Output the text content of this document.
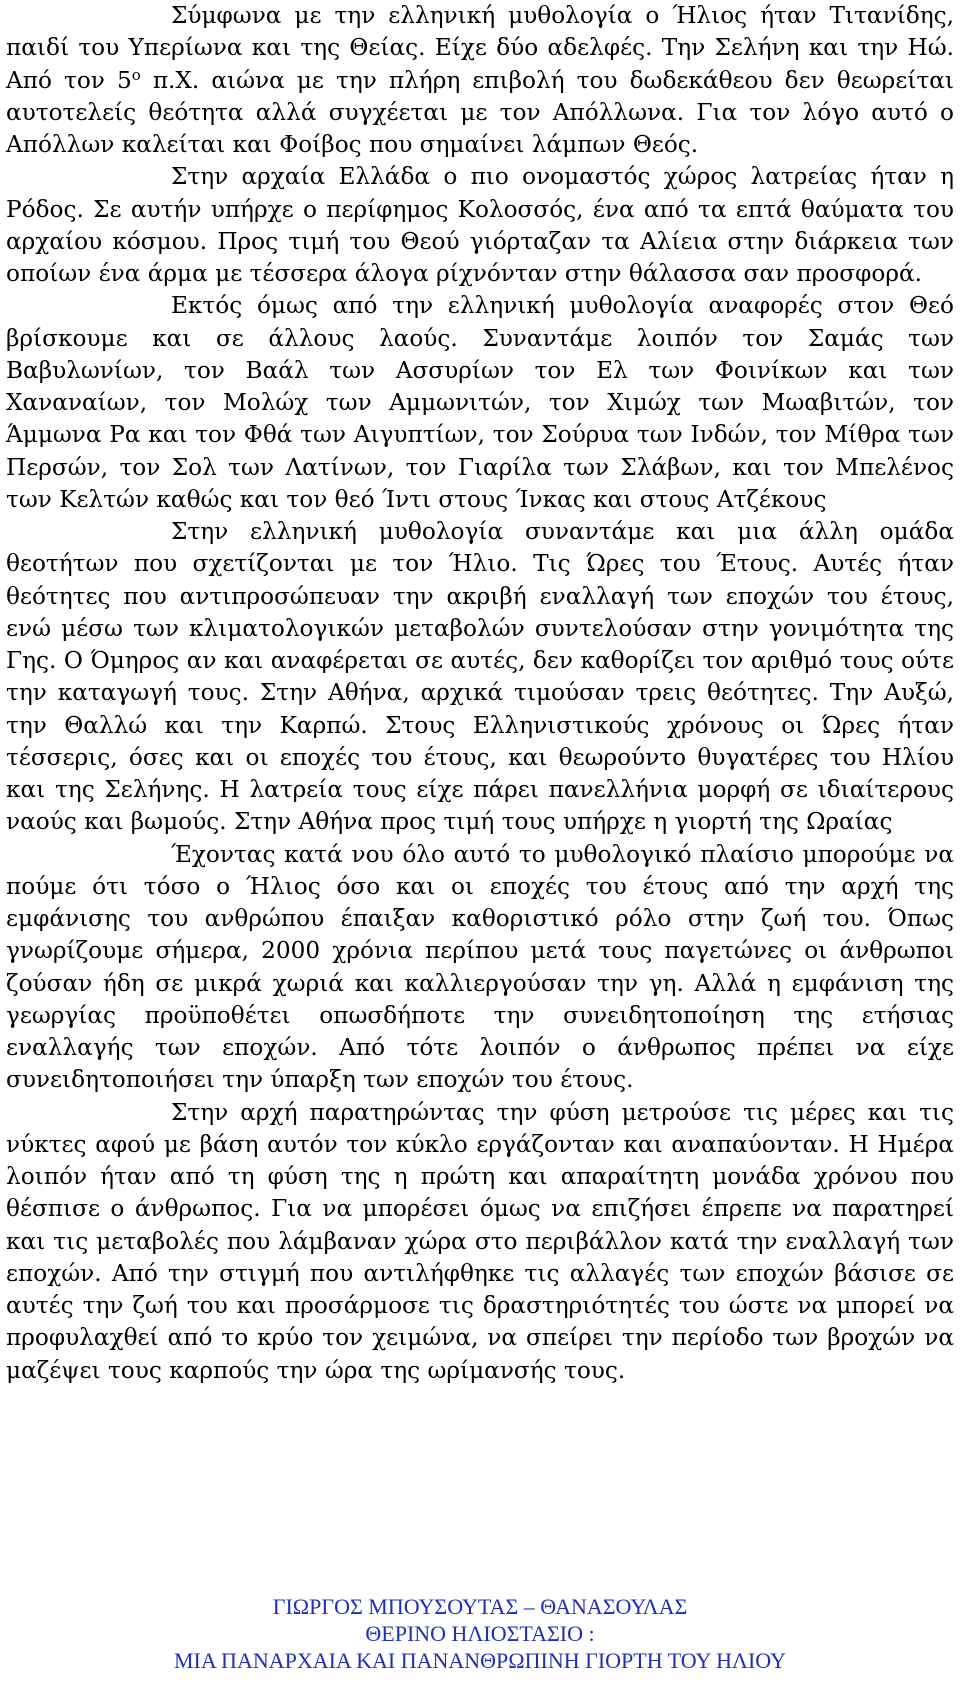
Σύμφωνα με την ελληνική μυθολογία ο Ήλιος ήταν Τιτανίδης, παιδί του Υπερίωνα και της Θείας. Είχε δύο αδελφές. Την Σελήνη και την Ηώ. Από τον $5^o$ π.Χ. αιώνα με την πλήρη επιβολή του δωδεκάθεου δεν θεωρείται αυτοτελείς θεότητα αλλά συγχέεται με τον Απόλλωνα. Για τον λόγο αυτό ο Απόλλων καλείται και Φοίβος που σημαίνει λάμπων Θεός.

Στην αρχαία Ελλάδα ο πιο ονομαστός χώρος λατρείας ήταν η Ρόδος. Σε αυτήν υπήρχε ο περίφημος Κολοσσός, ένα από τα επτά θαύματα του αρχαίου κόσμου. Προς τιμή του Θεού γιόρταζαν τα Αλίεια στην διάρκεια των οποίων ένα άρμα με τέσσερα άλογα ρίχνόνταν στην θάλασσα σαν προσφορά.

Εκτός όμως από την ελληνική μυθολογία αναφορές στον Θεό βρίσκουμε και σε άλλους λαούς. Συναντάμε λοιπόν τον Σαμάς των Βαβυλωνίων, τον Βαάλ των Ασσυρίων τον Ελ των Φοινίκων και των Χαναναίων, τον Μολώχ των Αμμωνιτών, τον Χιμώχ των Μωαβιτών, τον Άμμωνα Ρα και τον Φθά των Αιγυπτίων, τον Σούρυα των Ινδών, τον Μίθρα των Περσών, τον Σολ των Λατίνων, τον Γιαρίλα των Σλάβων, και τον Μπελένος των Κελτών καθώς και τον θεό Ίντι στους Ίνκας και στους Ατζέκους

Στην ελληνική μυθολογία συναντάμε και μια άλλη ομάδα θεοτήτων που σχετίζονται με τον Ήλιο. Τις Ώρες του Έτους. Αυτές ήταν θεότητες που αντιπροσώπευαν την ακριβή εναλλαγή των εποχών του έτους, ενώ μέσω των κλιματολογικών μεταβολών συντελούσαν στην γονιμότητα της Γης. Ο Όμηρος αν και αναφέρεται σε αυτές, δεν καθορίζει τον αριθμό τους ούτε την καταγωγή τους. Στην Αθήνα, αρχικά τιμούσαν τρεις θεότητες. Την Αυξώ, την Θαλλώ και την Καρπώ. Στους Ελληνιστικούς χρόνους οι Ώρες ήταν τέσσερις, όσες και οι εποχές του έτους, και θεωρούντο θυγατέρες του Ηλίου και της Σελήνης. Η λατρεία τους είχε πάρει πανελλήνια μορφή σε ιδιαίτερους ναούς και βωμούς. Στην Αθήνα προς τιμή τους υπήρχε η γιορτή της Ωραίας

Έχοντας κατά νου όλο αυτό το μυθολογικό πλαίσιο μπορούμε να πούμε ότι τόσο ο Ήλιος όσο και οι εποχές του έτους από την αρχή της εμφάνισης του ανθρώπου έπαιξαν καθοριστικό ρόλο στην ζωή του. Όπως γνωρίζουμε σήμερα, 2000 χρόνια περίπου μετά τους παγετώνες οι άνθρωποι ζούσαν ήδη σε μικρά χωριά και καλλιεργούσαν την γη. Αλλά η εμφάνιση της γεωργίας προϋποθέτει οπωσδήποτε την συνειδητοποίηση της ετήσιας εναλλαγής των εποχών. Από τότε λοιπόν ο άνθρωπος πρέπει να είχε συνειδητοποιήσει την ύπαρξη των εποχών του έτους.

Στην αρχή παρατηρώντας την φύση μετρούσε τις μέρες και τις νύκτες αφού με βάση αυτόν τον κύκλο εργάζονταν και αναπαύονταν. Η Ημέρα λοιπόν ήταν από τη φύση της η πρώτη και απαραίτητη μονάδα χρόνου που θέσπισε ο άνθρωπος. Για να μπορέσει όμως να επιζήσει έπρεπε να παρατηρεί και τις μεταβολές που λάμβαναν χώρα στο περιβάλλον κατά την εναλλαγή των εποχών. Από την στιγμή που αντιλήφθηκε τις αλλαγές των εποχών βάσισε σε αυτές την ζωή του και προσάρμοσε τις δραστηριότητές του ώστε να μπορεί να προφυλαχθεί από το κρύο τον χειμώνα, να σπείρει την περίοδο των βροχών να μαζέψει τους καρπούς την ώρα της ωρίμανσής τους.

ΓΙΩΡΓΟΣ ΜΠΟΥΣΟΥΤΑΣ – ΘΑΝΑΣΟΥΛΑΣ
ΘΕΡΙΝΟ ΗΛΙΟΣΤΑΣΙΟ :
ΜΙΑ ΠΑΝΑΡΧΑΙΑ ΚΑΙ ΠΑΝΑΝΘΡΩΠΙΝΗ ΓΙΟΡΤΗ ΤΟΥ ΗΛΙΟΥ
